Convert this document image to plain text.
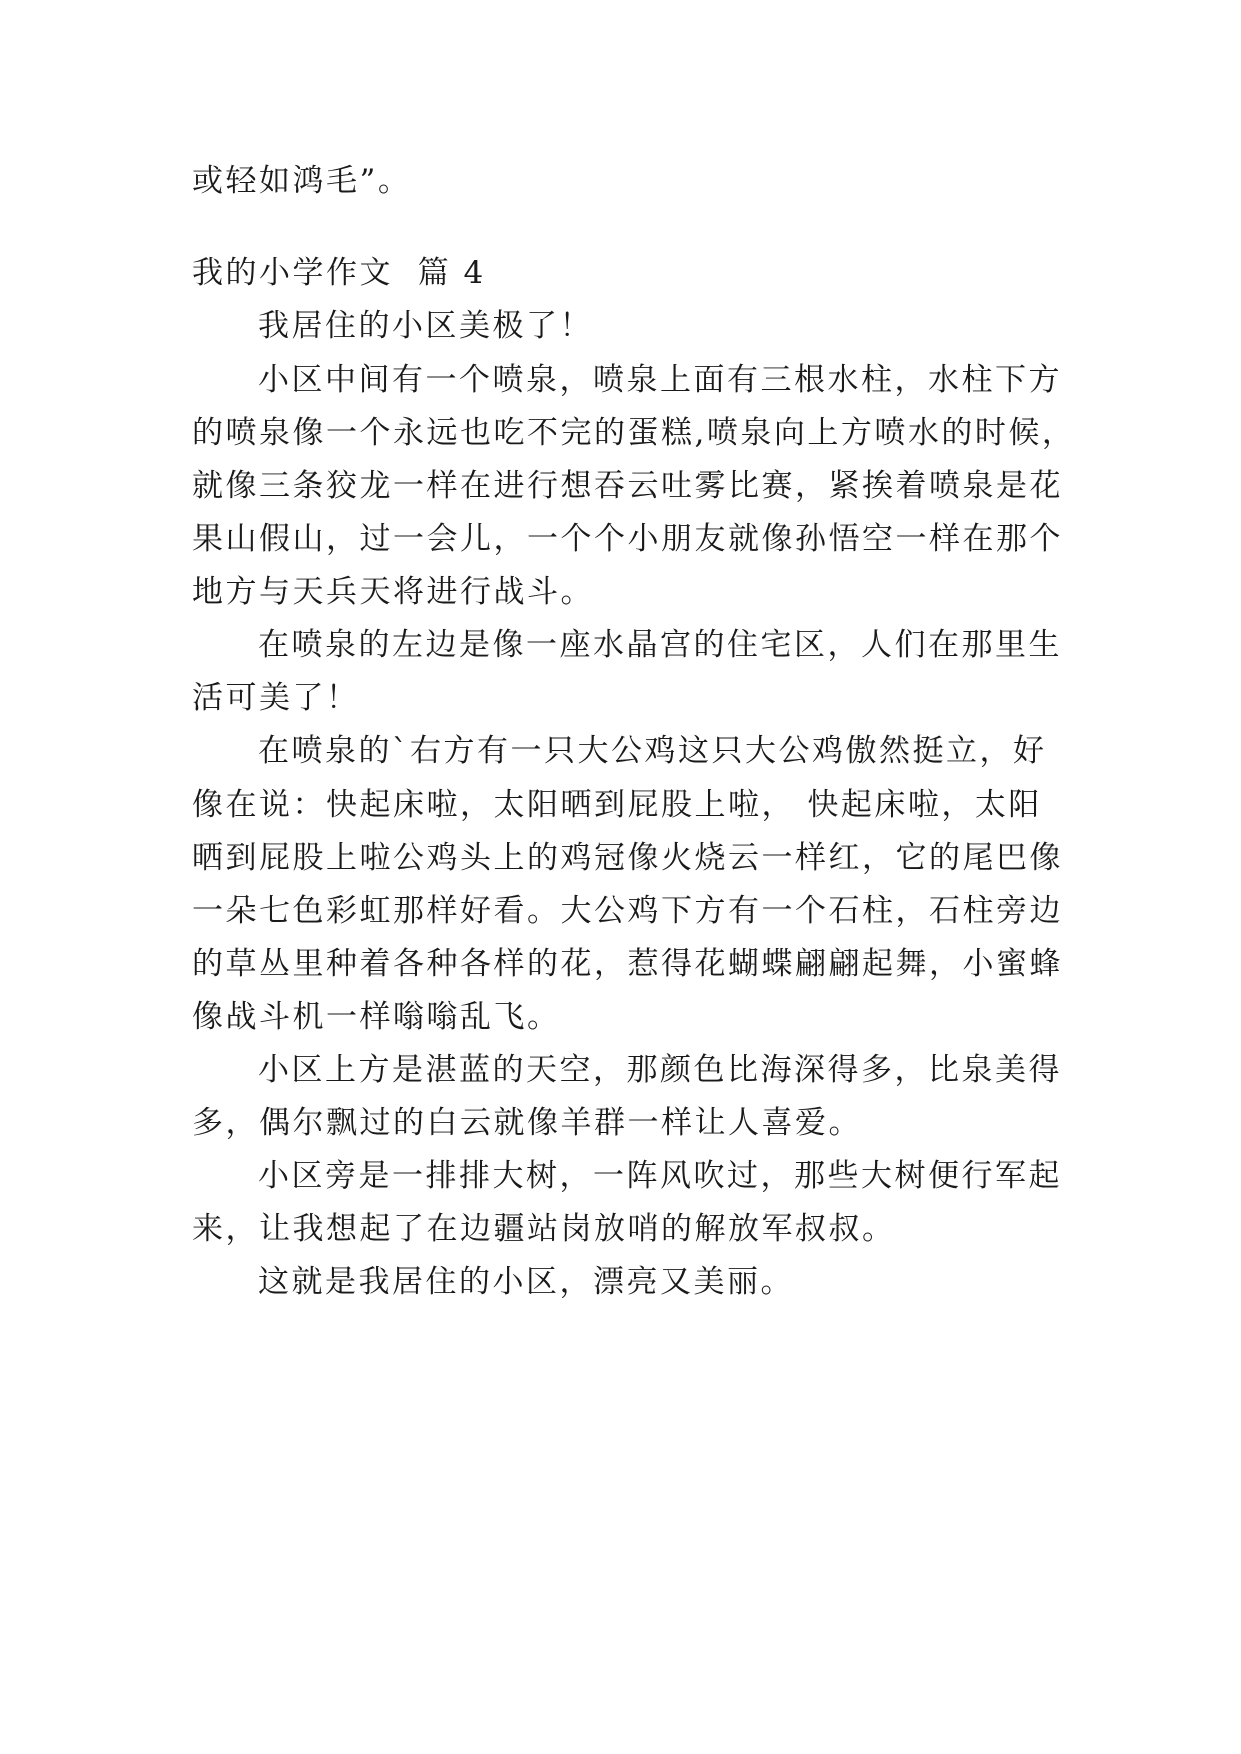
或轻如鸿毛”。
我的小学作文  篇 4
我居住的小区美极了！
小区中间有一个喷泉，喷泉上面有三根水柱，水柱下方
的喷泉像一个永远也吃不完的蛋糕,喷泉向上方喷水的时候，
就像三条狡龙一样在进行想吞云吐雾比赛，紧挨着喷泉是花
果山假山，过一会儿，一个个小朋友就像孙悟空一样在那个
地方与天兵天将进行战斗。
在喷泉的左边是像一座水晶宫的住宅区，人们在那里生
活可美了！
在喷泉的`右方有一只大公鸡这只大公鸡傲然挺立，好
像在说：快起床啦，太阳晒到屁股上啦， 快起床啦，太阳
晒到屁股上啦公鸡头上的鸡冠像火烧云一样红，它的尾巴像
一朵七色彩虹那样好看。大公鸡下方有一个石柱，石柱旁边
的草丛里种着各种各样的花，惹得花蝴蝶翩翩起舞，小蜜蜂
像战斗机一样嗡嗡乱飞。
小区上方是湛蓝的天空，那颜色比海深得多，比泉美得
多，偶尔飘过的白云就像羊群一样让人喜爱。
小区旁是一排排大树，一阵风吹过，那些大树便行军起
来，让我想起了在边疆站岗放哨的解放军叔叔。
这就是我居住的小区，漂亮又美丽。
